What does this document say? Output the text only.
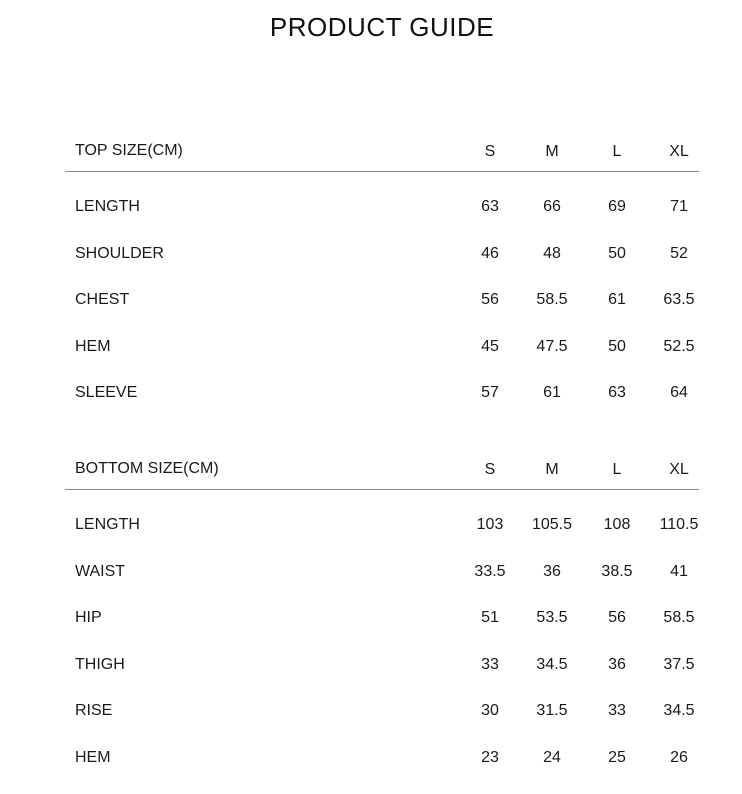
PRODUCT GUIDE
TOP SIZE(CM)	S	M	L	XL
LENGTH	63	66	69	71
SHOULDER	46	48	50	52
CHEST	56	58.5	61	63.5
HEM	45	47.5	50	52.5
SLEEVE	57	61	63	64
BOTTOM SIZE(CM)	S	M	L	XL
LENGTH	103	105.5	108	110.5
WAIST	33.5	36	38.5	41
HIP	51	53.5	56	58.5
THIGH	33	34.5	36	37.5
RISE	30	31.5	33	34.5
HEM	23	24	25	26
